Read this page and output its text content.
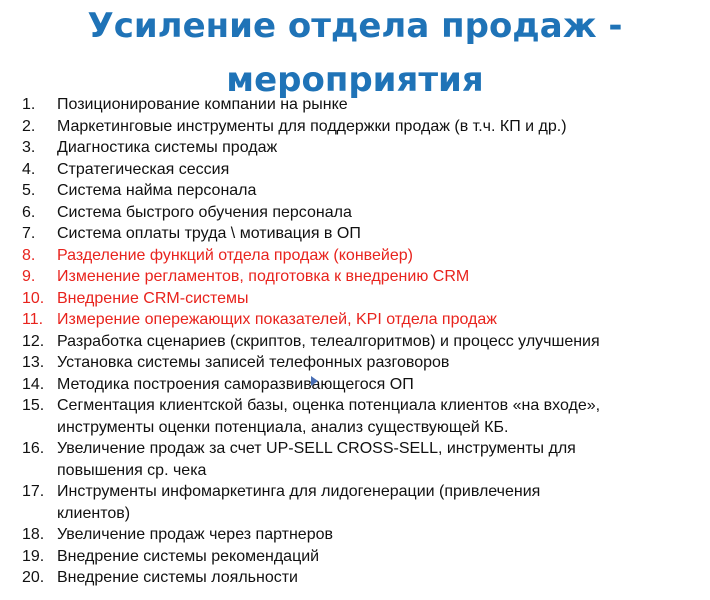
Усиление отдела продаж -
мероприятия
1.	Позиционирование компании на рынке
2.	Маркетинговые инструменты для поддержки продаж (в т.ч. КП и др.)
3.	Диагностика системы продаж
4.	Стратегическая сессия
5.	Система найма персонала
6.	Система быстрого обучения персонала
7.	Система оплаты труда \ мотивация в ОП
8.	Разделение функций отдела продаж (конвейер)
9.	Изменение регламентов, подготовка к внедрению CRM
10. Внедрение CRM-системы
11. Измерение опережающих показателей, KPI отдела продаж
12. Разработка сценариев (скриптов, телеалгоритмов) и процесс улучшения
13. Установка системы записей телефонных разговоров
14. Методика построения саморазвивающегося ОП
15. Сегментация клиентской базы, оценка потенциала клиентов «на входе»,
инструменты оценки потенциала, анализ существующей КБ.
16. Увеличение продаж за счет UP-SELL CROSS-SELL, инструменты для
повышения ср. чека
17. Инструменты инфомаркетинга для лидогенерации (привлечения
клиентов)
18. Увеличение продаж через партнеров
19. Внедрение системы рекомендаций
20. Внедрение системы лояльности
